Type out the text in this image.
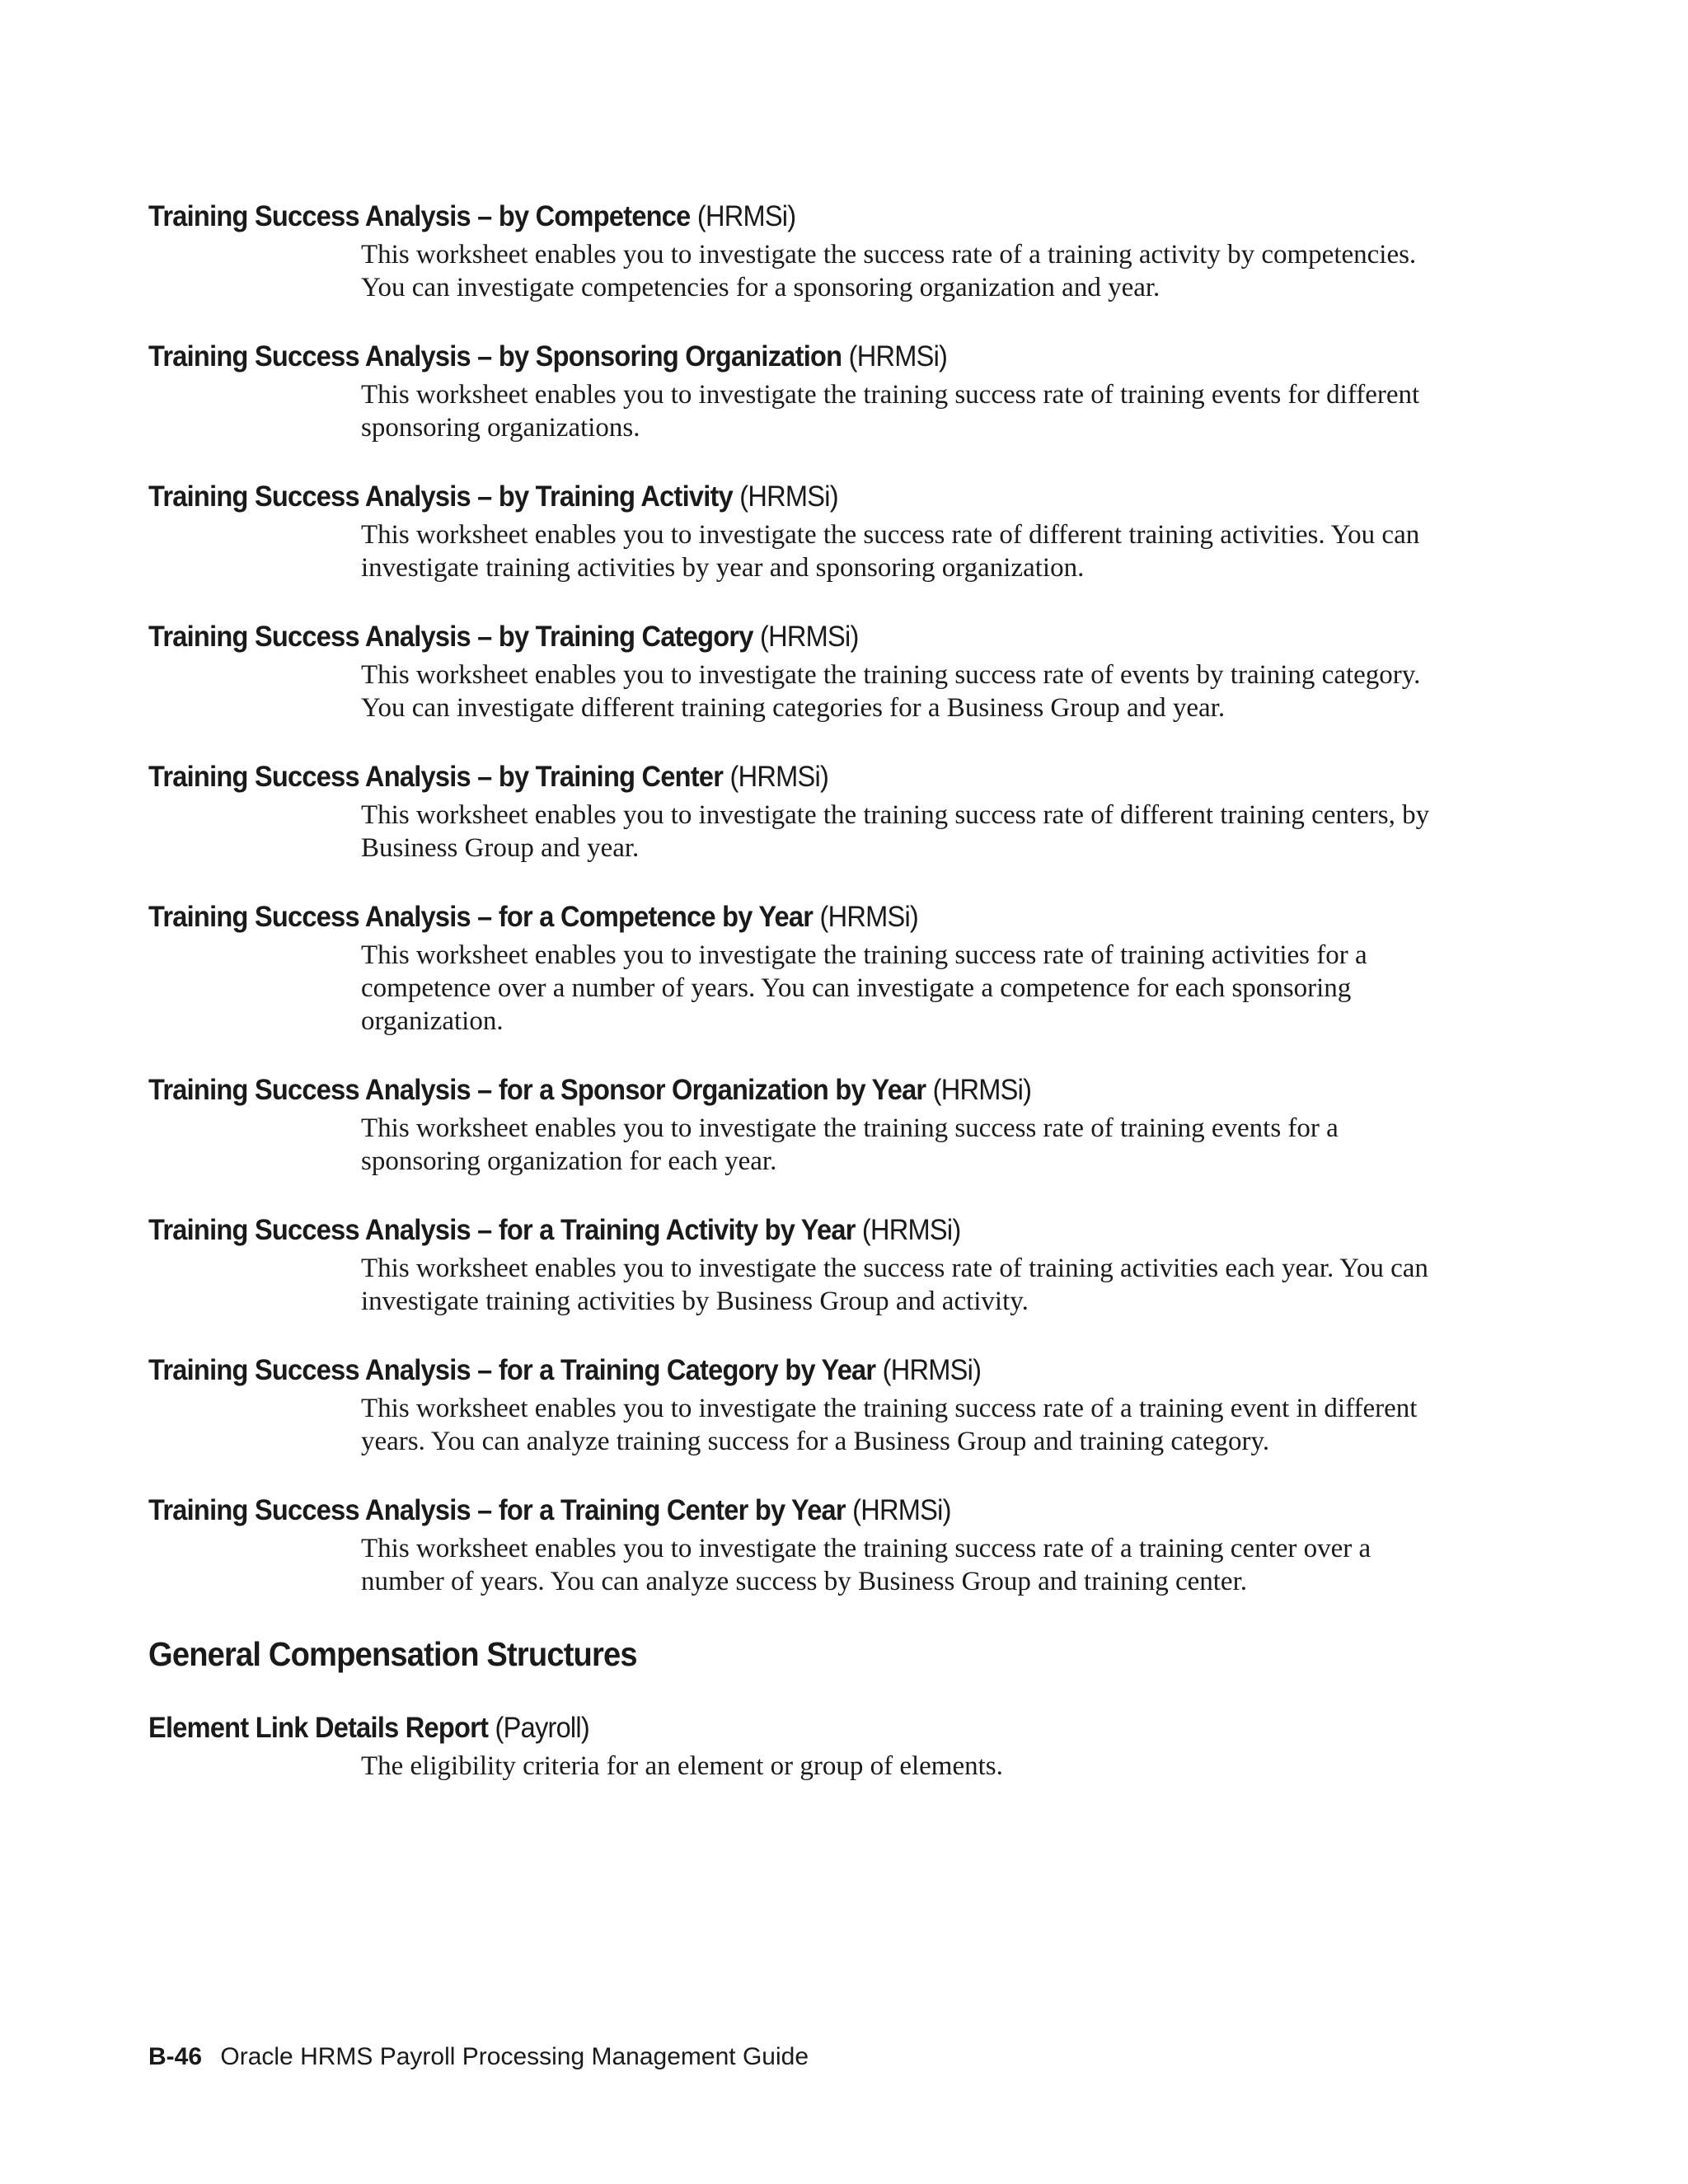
Training Success Analysis – by Competence (HRMSi)
This worksheet enables you to investigate the success rate of a training activity by competencies. You can investigate competencies for a sponsoring organization and year.
Training Success Analysis – by Sponsoring Organization (HRMSi)
This worksheet enables you to investigate the training success rate of training events for different sponsoring organizations.
Training Success Analysis – by Training Activity (HRMSi)
This worksheet enables you to investigate the success rate of different training activities. You can investigate training activities by year and sponsoring organization.
Training Success Analysis – by Training Category (HRMSi)
This worksheet enables you to investigate the training success rate of events by training category. You can investigate different training categories for a Business Group and year.
Training Success Analysis – by Training Center (HRMSi)
This worksheet enables you to investigate the training success rate of different training centers, by Business Group and year.
Training Success Analysis – for a Competence by Year (HRMSi)
This worksheet enables you to investigate the training success rate of training activities for a competence over a number of years. You can investigate a competence for each sponsoring organization.
Training Success Analysis – for a Sponsor Organization by Year (HRMSi)
This worksheet enables you to investigate the training success rate of training events for a sponsoring organization for each year.
Training Success Analysis – for a Training Activity by Year (HRMSi)
This worksheet enables you to investigate the success rate of training activities each year. You can investigate training activities by Business Group and activity.
Training Success Analysis – for a Training Category by Year (HRMSi)
This worksheet enables you to investigate the training success rate of a training event in different years. You can analyze training success for a Business Group and training category.
Training Success Analysis – for a Training Center by Year (HRMSi)
This worksheet enables you to investigate the training success rate of a training center over a number of years. You can analyze success by Business Group and training center.
General Compensation Structures
Element Link Details Report (Payroll)
The eligibility criteria for an element or group of elements.
B-46 Oracle HRMS Payroll Processing Management Guide
